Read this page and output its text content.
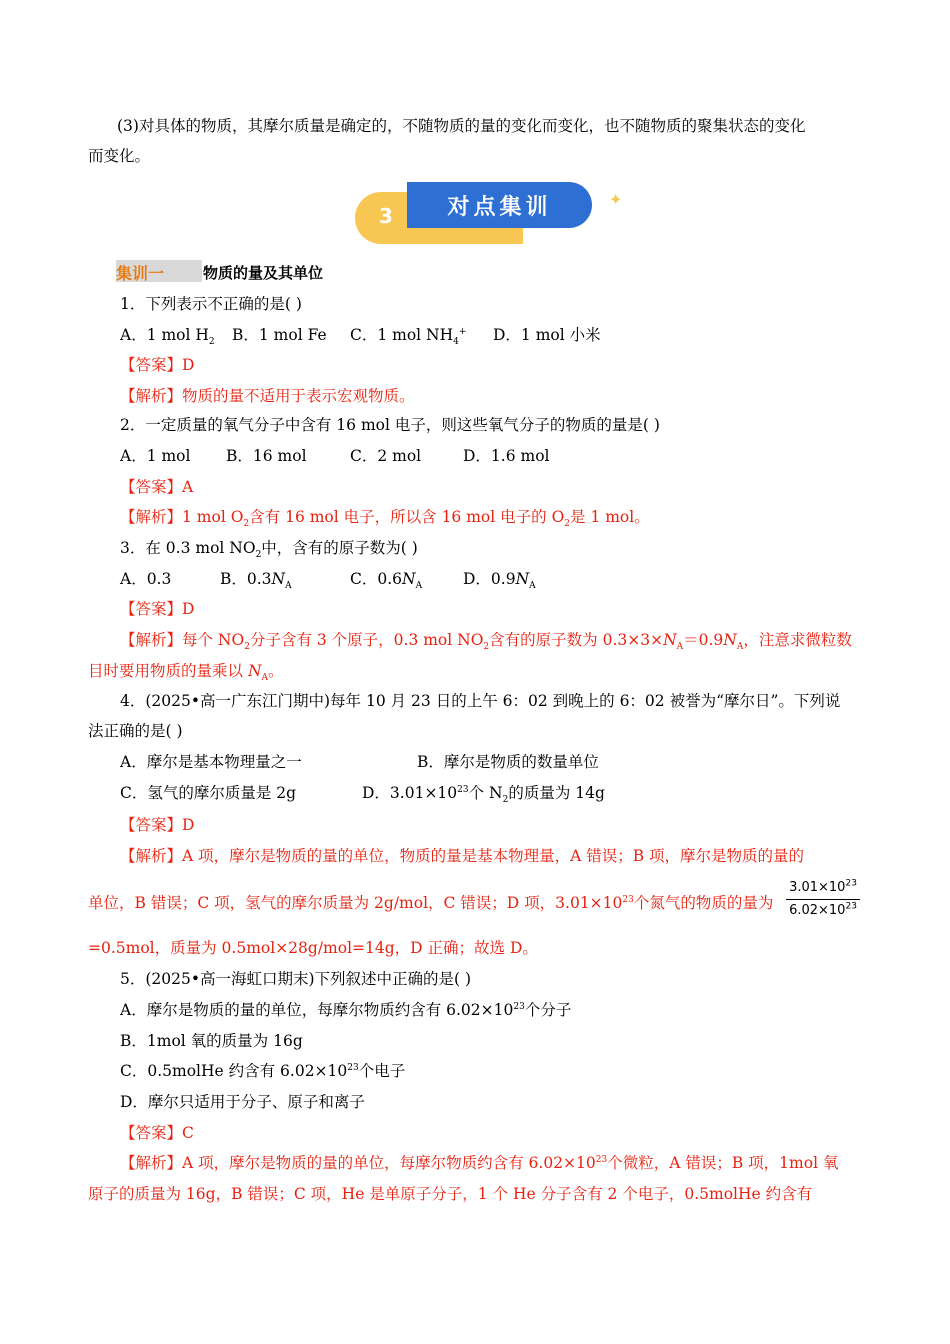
(3)对具体的物质，其摩尔质量是确定的，不随物质的量的变化而变化，也不随物质的聚集状态的变化
而变化。
3	对点集训	✦
集训一	物质的量及其单位
1．下列表示不正确的是( )
A．1 mol $H_2$ B．1 mol Fe C．1 mol $NH_4^+$ D．1 mol 小米
【答案】D
【解析】物质的量不适用于表示宏观物质。
2．一定质量的氧气分子中含有 16 mol 电子，则这些氧气分子的物质的量是( )
A．1 mol B．16 mol	C．2 mol	D．1.6 mol
【答案】A
【解析】1 mol $O_2$含有 16 mol 电子，所以含 16 mol 电子的 $O_2$是 1 mol。
3．在 0.3 mol $NO_2$中，含有的原子数为( )
A．0.3	B．$0.3N_A$	C．$0.6N_A$	D．$0.9N_A$
【答案】D
【解析】每个 $NO_2$分子含有 3 个原子，0.3 mol $NO_2$含有的原子数为 $0.3\times 3\times N_A=0.9N_A$，注意求微粒数
目时要用物质的量乘以 $N_A$。
4．(2025•高一广东江门期中)每年 10 月 23 日的上午 6：02 到晚上的 6：02 被誉为“摩尔日”。下列说
法正确的是( )
A．摩尔是基本物理量之一	B．摩尔是物质的数量单位
C．氢气的摩尔质量是 2g	D．$3.01\times 10^{23}$个 $N_2$的质量为 14g
【答案】D
【解析】A 项，摩尔是物质的量的单位，物质的量是基本物理量，A 错误；B 项，摩尔是物质的量的
单位，B 错误；C 项，氢气的摩尔质量为 2g/mol，C 错误；D 项，$3.01\times 10^{23}$个氮气的物质的量为
$3.01\times 10^{23}$
$6.02\times 10^{23}$
=0.5mol，质量为 0.5mol×28g/mol=14g，D 正确；故选 D。
5．(2025•高一海虹口期末)下列叙述中正确的是( )
A．摩尔是物质的量的单位，每摩尔物质约含有 $6.02\times 10^{23}$个分子
B．1mol 氧的质量为 16g
C．0.5molHe 约含有 $6.02\times 10^{23}$个电子
D．摩尔只适用于分子、原子和离子
【答案】C
【解析】A 项，摩尔是物质的量的单位，每摩尔物质约含有 $6.02\times 10^{23}$个微粒，A 错误；B 项，1mol 氧
原子的质量为 16g，B 错误；C 项，He 是单原子分子，1 个 He 分子含有 2 个电子，0.5molHe 约含有
